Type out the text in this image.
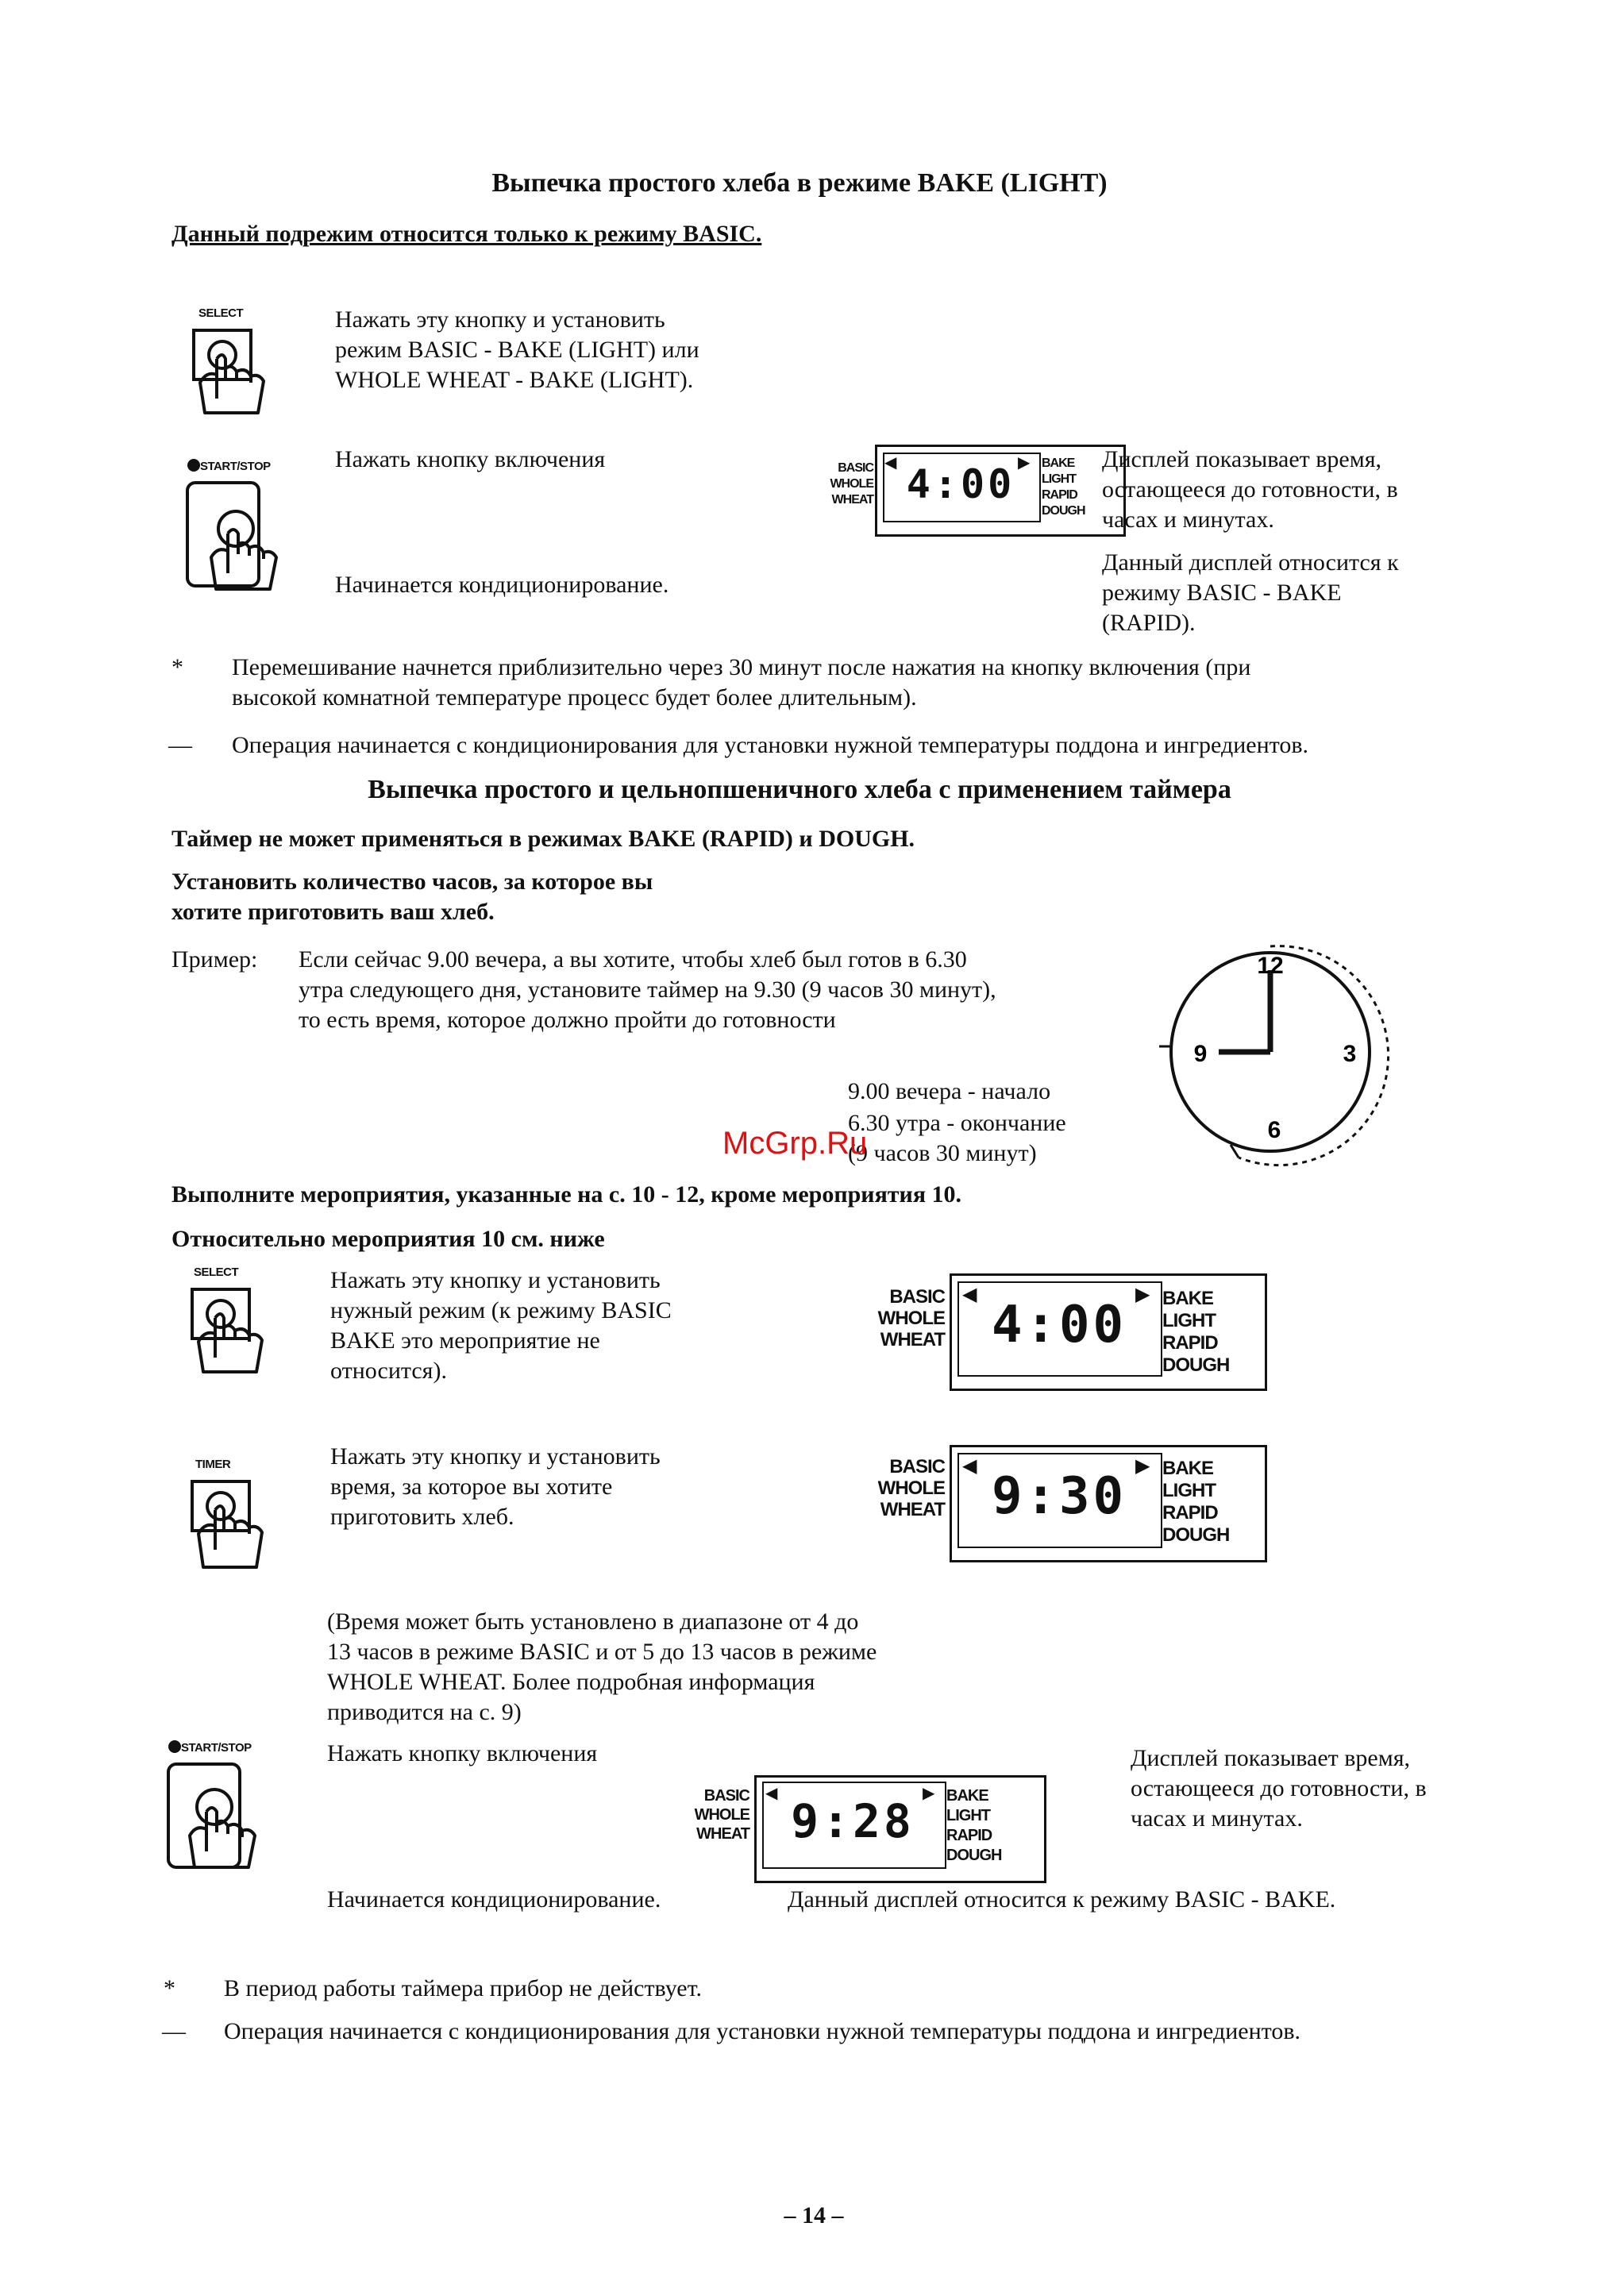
Выпечка простого хлеба в режиме BAKE (LIGHT)
Данный подрежим относится только к режиму BASIC.
SELECT	Нажать эту кнопку и установить
режим BASIC - BAKE (LIGHT) или
WHOLE WHEAT - BAKE (LIGHT).
START/STOP	Нажать кнопку включения
Начинается кондиционирование.
BASIC
WHOLE
WHEAT
◀	▶
4:00	BAKE
LIGHT
RAPID
DOUGH
Дисплей показывает время,
остающееся до готовности, в
часах и минутах.
Данный дисплей относится к
режиму BASIC - BAKE
(RAPID).
* Перемешивание начнется приблизительно через 30 минут после нажатия на кнопку включения (при
высокой комнатной температуре процесс будет более длительным).
— Операция начинается с кондиционирования для установки нужной температуры поддона и ингредиентов.
Выпечка простого и цельнопшеничного хлеба с применением таймера
Таймер не может применяться в режимах BAKE (RAPID) и DOUGH.
Установить количество часов, за которое вы
хотите приготовить ваш хлеб.
Пример: Если сейчас 9.00 вечера, а вы хотите, чтобы хлеб был готов в 6.30
утра следующего дня, установите таймер на 9.30 (9 часов 30 минут),
то есть время, которое должно пройти до готовности
9.00 вечера - начало
6.30 утра - окончание
(9 часов 30 минут)
12
3
6
9
McGrp.Ru
Выполните мероприятия, указанные на с. 10 - 12, кроме мероприятия 10.
Относительно мероприятия 10 см. ниже
SELECT	Нажать эту кнопку и установить
нужный режим (к режиму BASIC
BAKE это мероприятие не
относится).
BASIC
WHOLE
WHEAT
◀	▶
4:00	BAKE
LIGHT
RAPID
DOUGH
TIMER	Нажать эту кнопку и установить
время, за которое вы хотите
приготовить хлеб.
BASIC
WHOLE
WHEAT
◀	▶
9:30	BAKE
LIGHT
RAPID
DOUGH
(Время может быть установлено в диапазоне от 4 до
13 часов в режиме BASIC и от 5 до 13 часов в режиме
WHOLE WHEAT. Более подробная информация
приводится на с. 9)
START/STOP	Нажать кнопку включения
BASIC
WHOLE
WHEAT
◀	▶
9:28	BAKE
LIGHT
RAPID
DOUGH
Дисплей показывает время,
остающееся до готовности, в
часах и минутах.
Начинается кондиционирование.	Данный дисплей относится к режиму BASIC - BAKE.
* В период работы таймера прибор не действует.
— Операция начинается с кондиционирования для установки нужной температуры поддона и ингредиентов.
– 14 –
